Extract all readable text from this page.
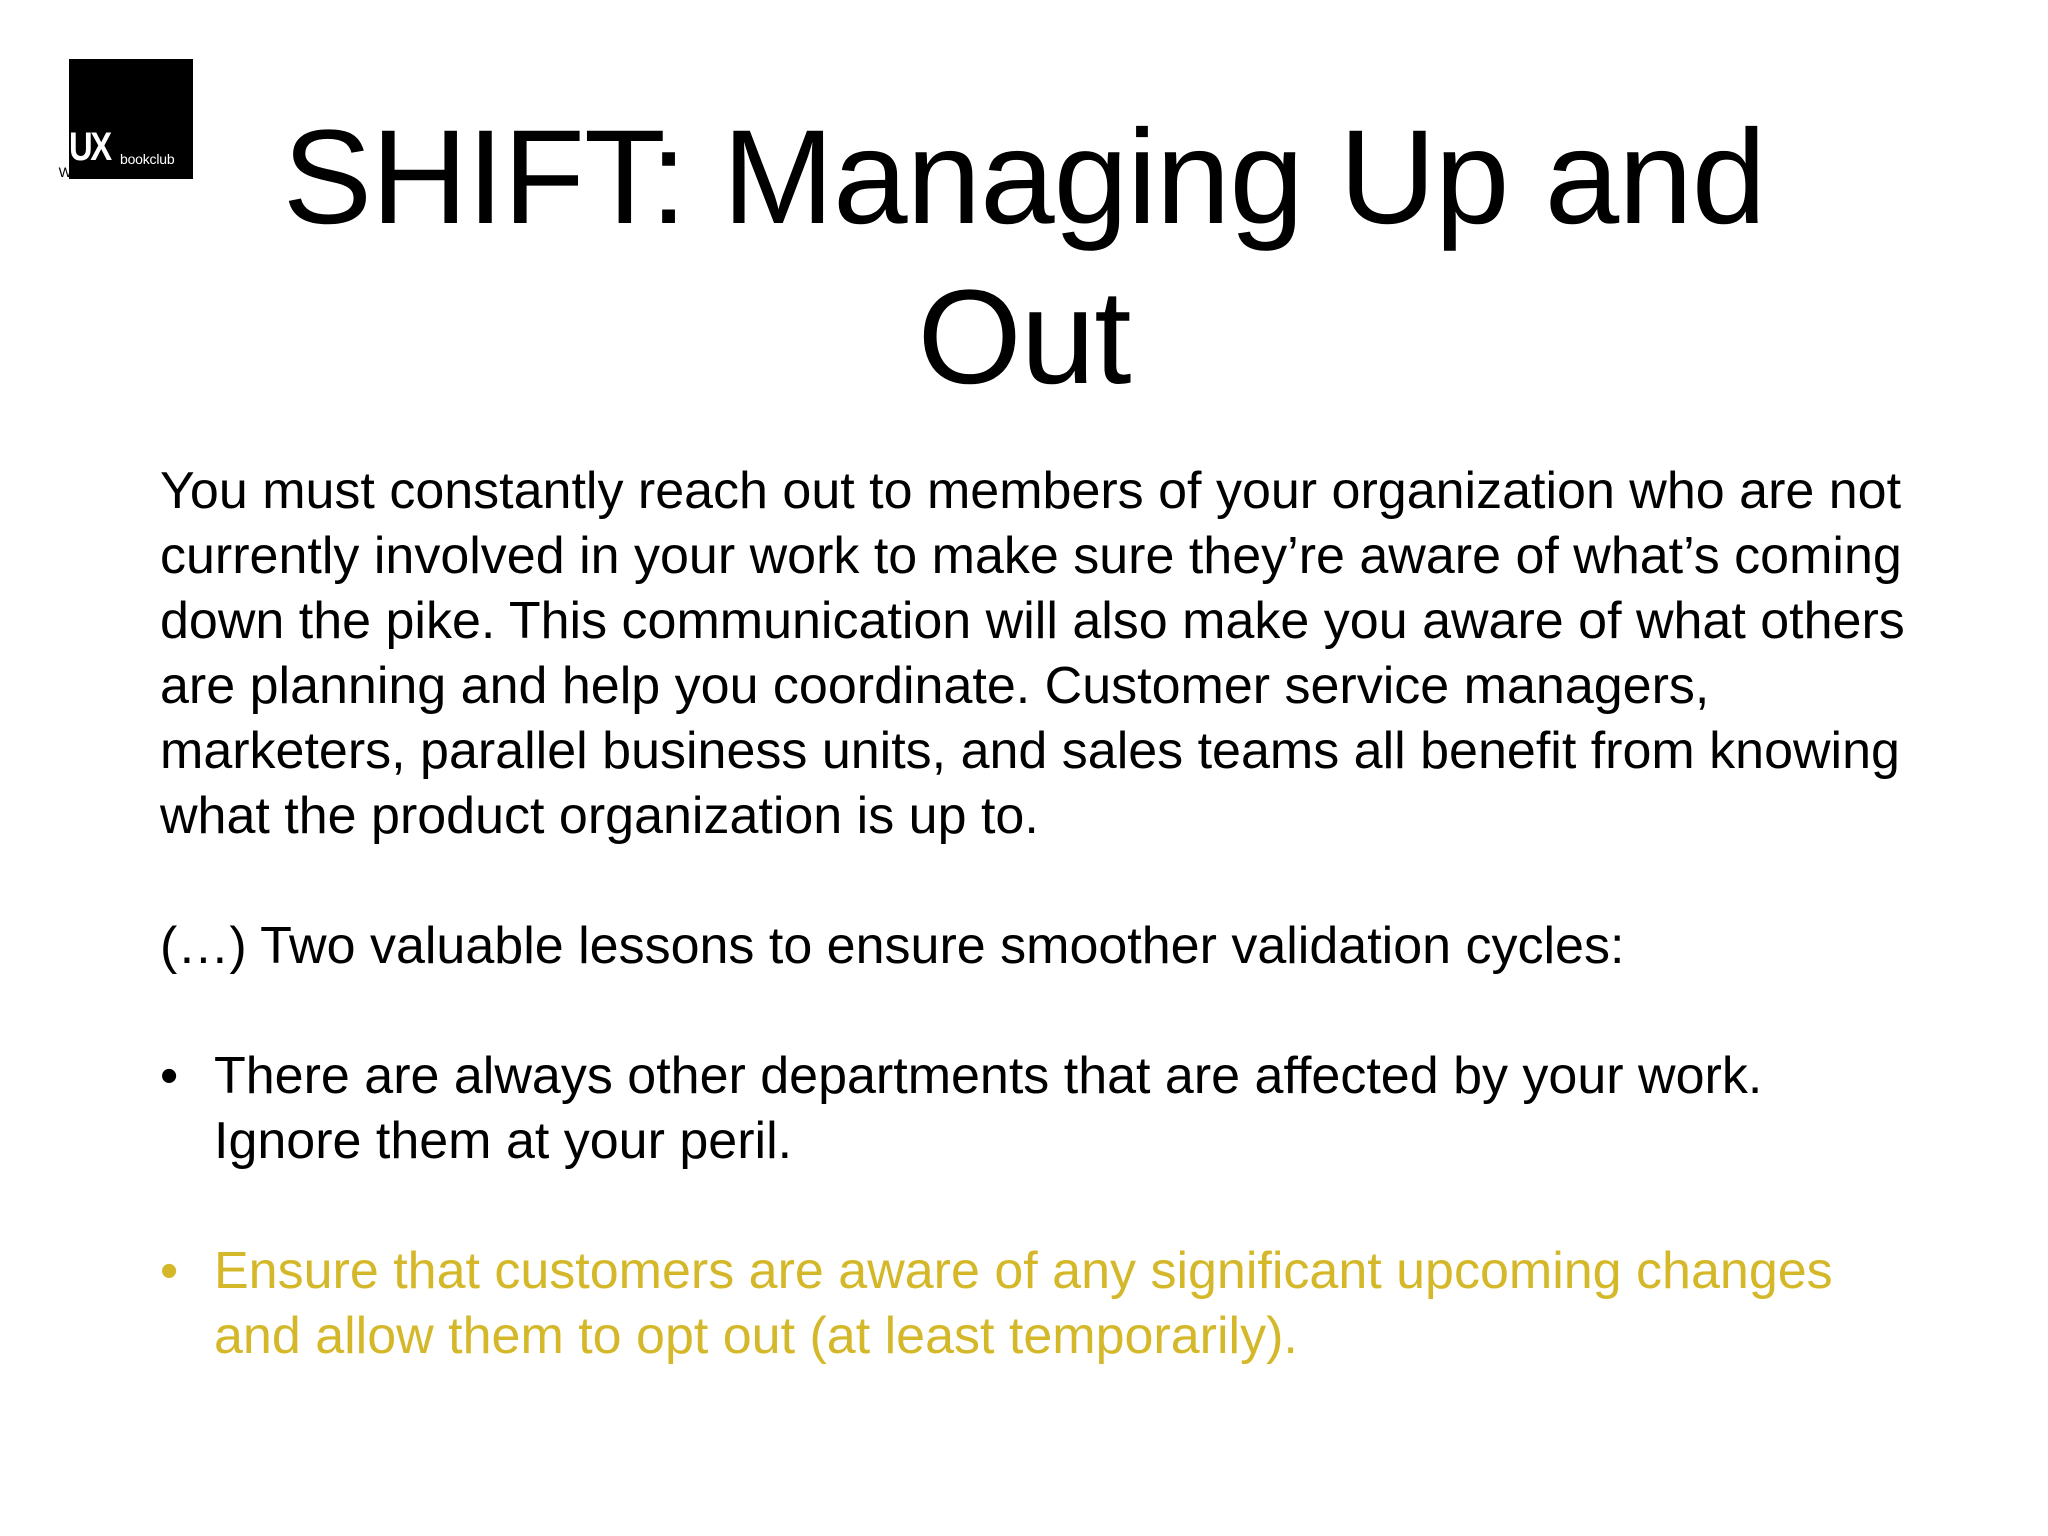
UX bookclub
WARSAW	SHIFT: Managing Up and Out

You must constantly reach out to members of your organization who are not currently involved in your work to make sure they’re aware of what’s coming down the pike. This communication will also make you aware of what others are planning and help you coordinate. Customer service managers, marketers, parallel business units, and sales teams all benefit from knowing what the product organization is up to.

(…) Two valuable lessons to ensure smoother validation cycles:

• There are always other departments that are affected by your work. Ignore them at your peril.
• Ensure that customers are aware of any significant upcoming changes and allow them to opt out (at least temporarily).
